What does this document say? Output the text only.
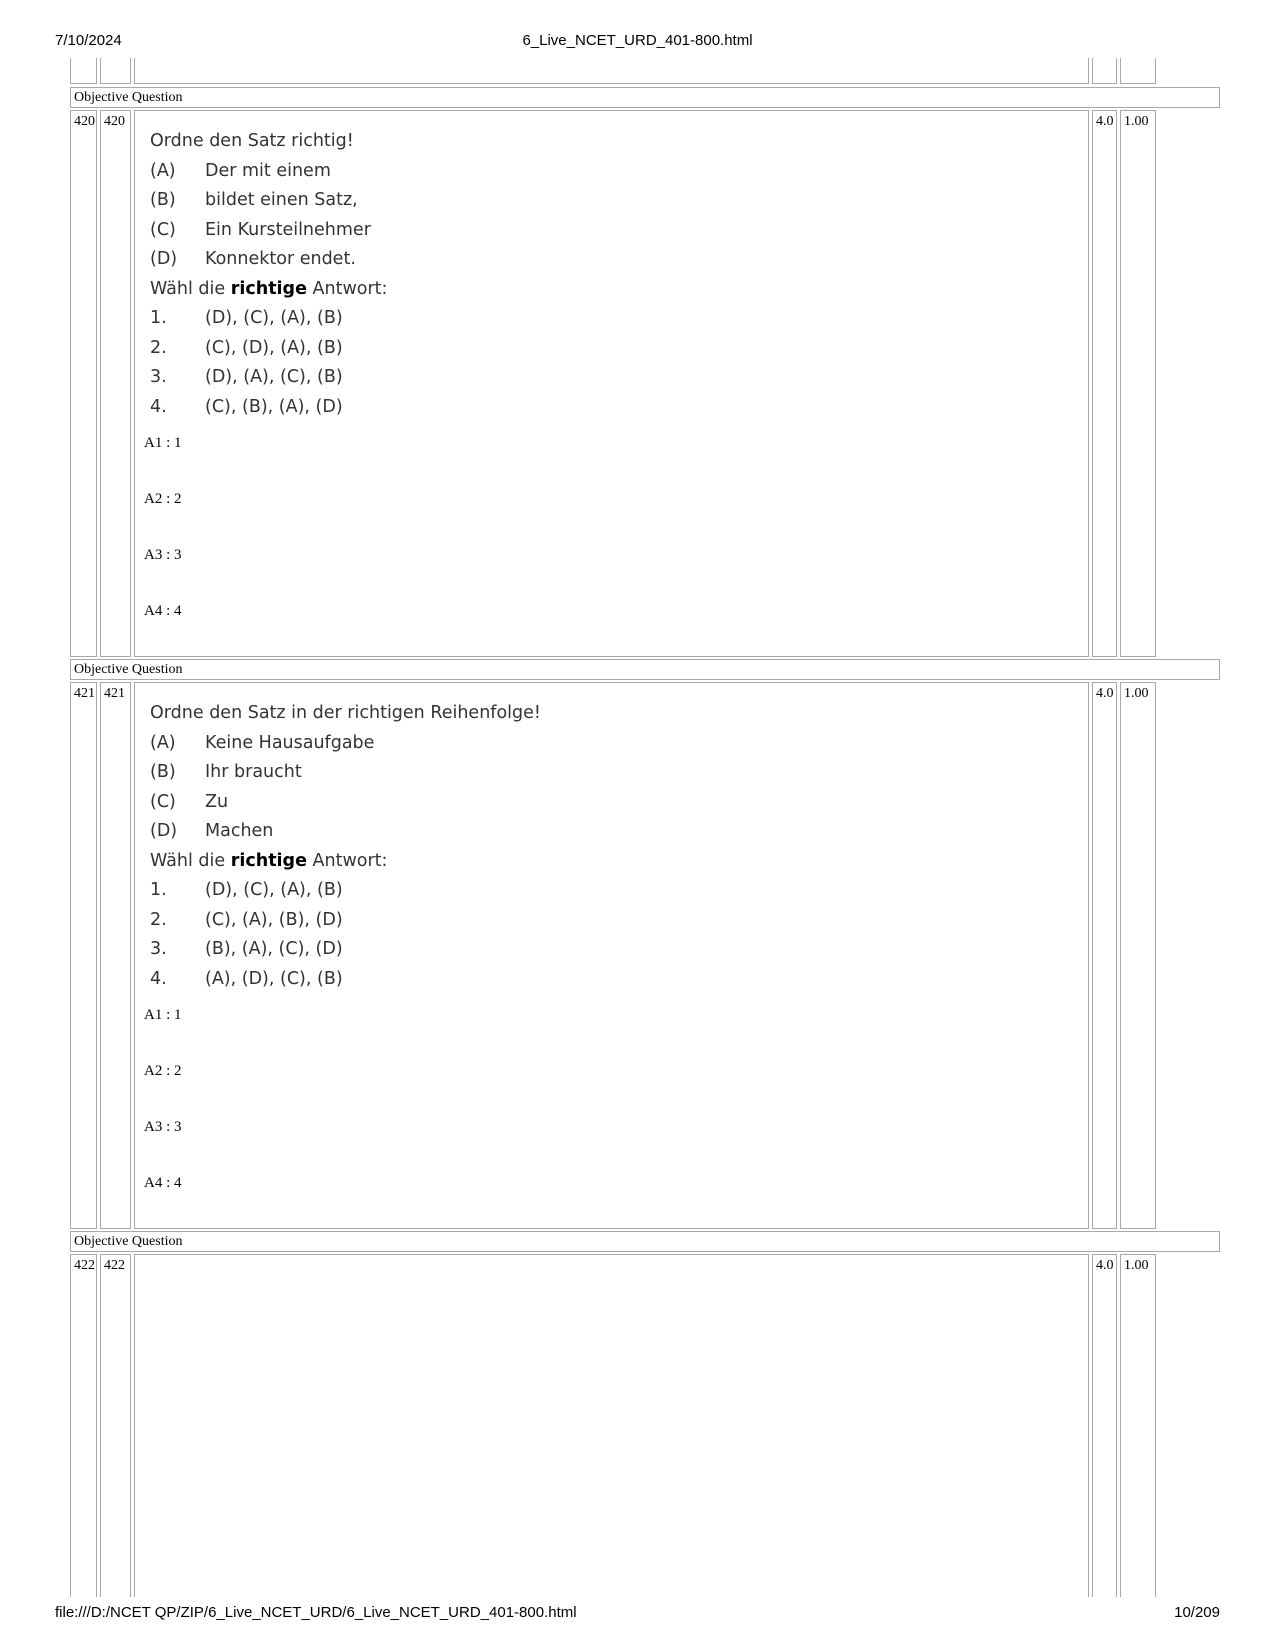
7/10/2024	6_Live_NCET_URD_401-800.html
Objective Question
420 420
Ordne den Satz richtig!
(A) Der mit einem
(B) bildet einen Satz,
(C) Ein Kursteilnehmer
(D) Konnektor endet.
Wähl die richtige Antwort:
1. (D), (C), (A), (B)
2. (C), (D), (A), (B)
3. (D), (A), (C), (B)
4. (C), (B), (A), (D)
A1 : 1
A2 : 2
A3 : 3
A4 : 4
4.0 1.00
Objective Question
421 421
Ordne den Satz in der richtigen Reihenfolge!
(A) Keine Hausaufgabe
(B) Ihr braucht
(C) Zu
(D) Machen
Wähl die richtige Antwort:
1. (D), (C), (A), (B)
2. (C), (A), (B), (D)
3. (B), (A), (C), (D)
4. (A), (D), (C), (B)
A1 : 1
A2 : 2
A3 : 3
A4 : 4
4.0 1.00
Objective Question
422 422	4.0 1.00
file:///D:/NCET QP/ZIP/6_Live_NCET_URD/6_Live_NCET_URD_401-800.html	10/209
